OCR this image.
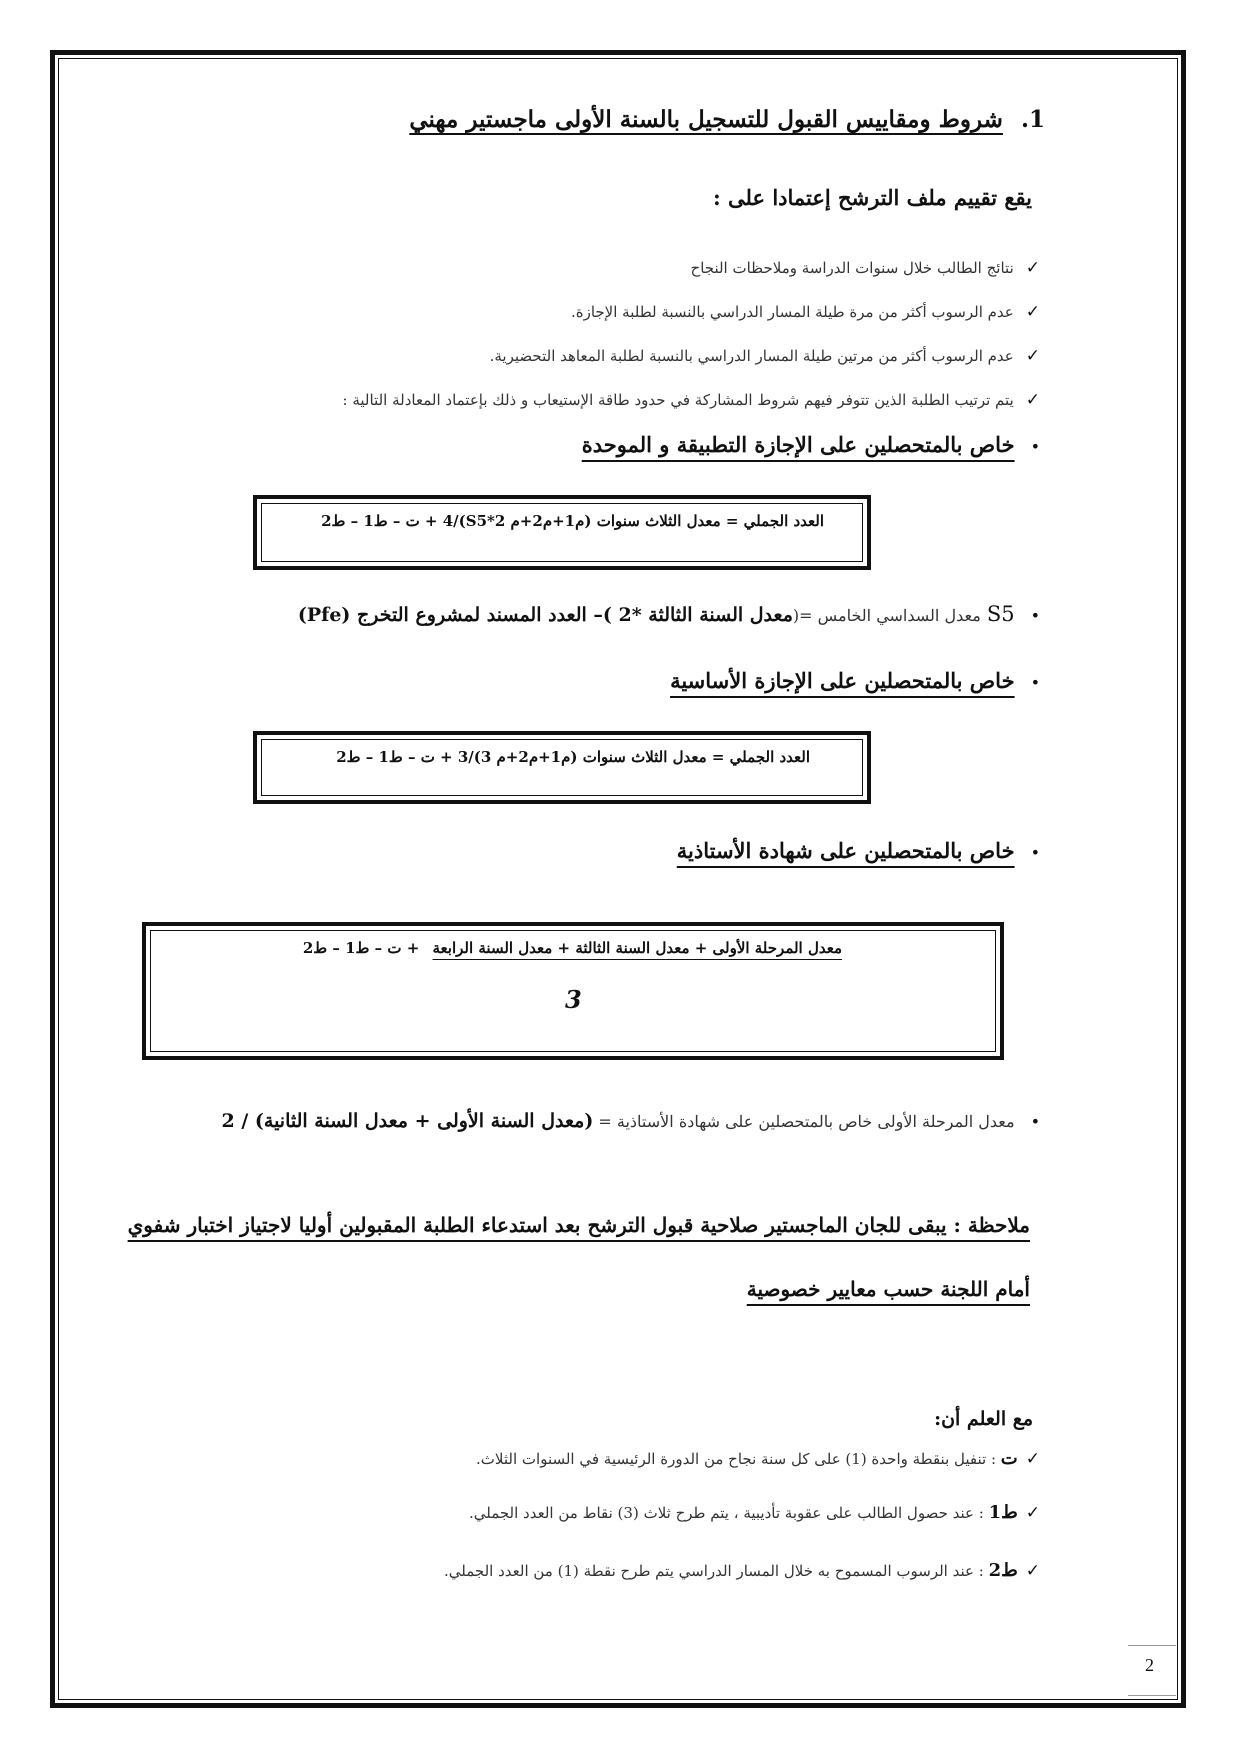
1.شروط ومقاييس القبول للتسجيل بالسنة الأولى ماجستير مهني
يقع تقييم ملف الترشح إعتمادا على :
✓نتائج الطالب خلال سنوات الدراسة وملاحظات النجاح
✓عدم الرسوب أكثر من مرة طيلة المسار الدراسي بالنسبة لطلبة الإجازة.
✓عدم الرسوب أكثر من مرتين طيلة المسار الدراسي بالنسبة لطلبة المعاهد التحضيرية.
✓يتم ترتيب الطلبة الذين تتوفر فيهم شروط المشاركة في حدود طاقة الإستيعاب و ذلك بإعتماد المعادلة التالية :
•خاص بالمتحصلين على الإجازة التطبيقة و الموحدة
العدد الجملي = معدل الثلاث سنوات (م1+م2+م S5*2)/4 + ت – ط1 – ط2
•S5 معدل السداسي الخامس =(معدل السنة الثالثة *2 )– العدد المسند لمشروع التخرج (Pfe)
•خاص بالمتحصلين على الإجازة الأساسية
العدد الجملي = معدل الثلاث سنوات (م1+م2+م 3)/3 + ت – ط1 – ط2
•خاص بالمتحصلين على شهادة الأستاذية
معدل المرحلة الأولى + معدل السنة الثالثة + معدل السنة الرابعة + ت – ط1 – ط2
3
•معدل المرحلة الأولى خاص بالمتحصلين على شهادة الأستاذية = (معدل السنة الأولى + معدل السنة الثانية) / 2
ملاحظة : يبقى للجان الماجستير صلاحية قبول الترشح بعد استدعاء الطلبة المقبولين أوليا لاجتياز اختبار شفوي
أمام اللجنة حسب معايير خصوصية
مع العلم أن:
✓ت : تنفيل بنقطة واحدة (1) على كل سنة نجاح من الدورة الرئيسية في السنوات الثلاث.
✓ط1 : عند حصول الطالب على عقوبة تأديبية ، يتم طرح ثلاث (3) نقاط من العدد الجملي.
✓ط2 : عند الرسوب المسموح به خلال المسار الدراسي يتم طرح نقطة (1) من العدد الجملي.
2
